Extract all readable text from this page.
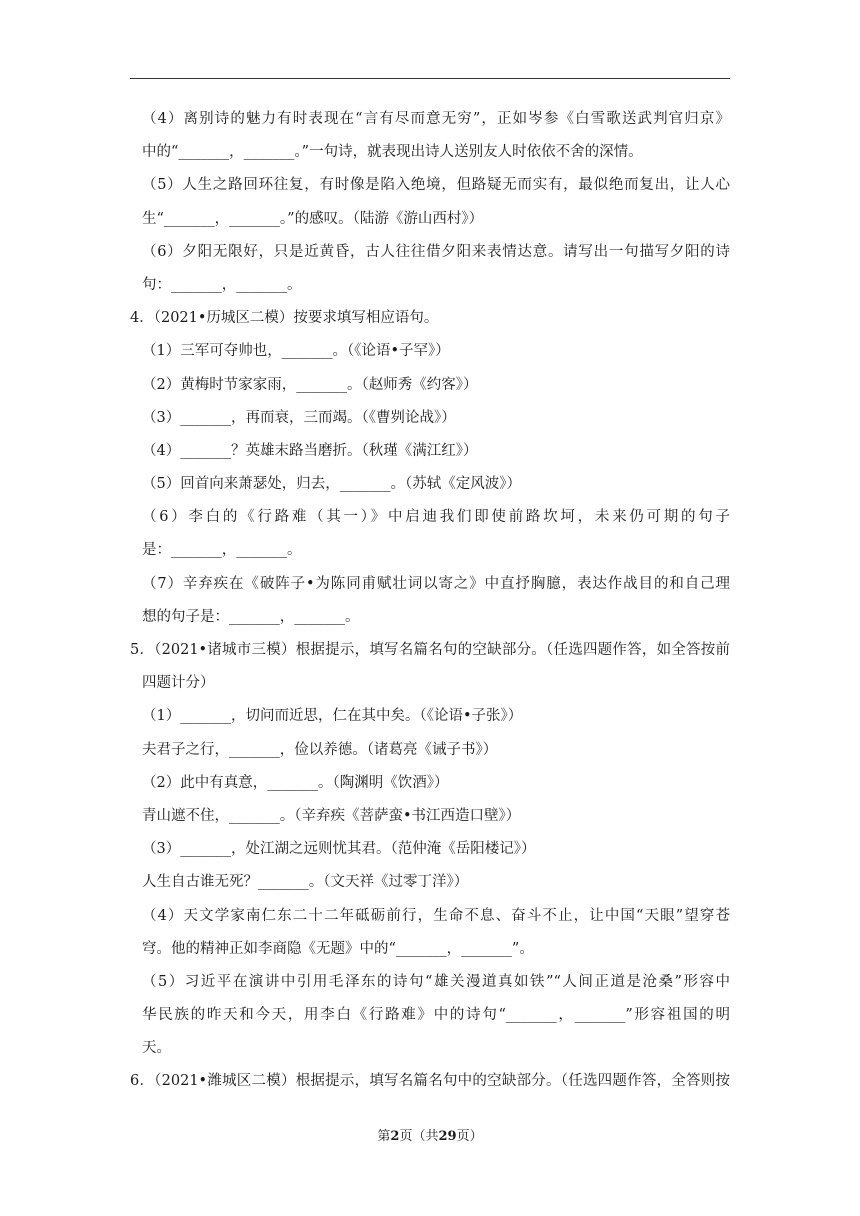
（4）离别诗的魅力有时表现在“言有尽而意无穷”，正如岑参《白雪歌送武判官归京》
中的“_______，_______。”一句诗，就表现出诗人送别友人时依依不舍的深情。
（5）人生之路回环往复，有时像是陷入绝境，但路疑无而实有，最似绝而复出，让人心
生“_______，_______。”的感叹。（陆游《游山西村》）
（6）夕阳无限好，只是近黄昏，古人往往借夕阳来表情达意。请写出一句描写夕阳的诗
句：_______，_______。
4．（2021•历城区二模）按要求填写相应语句。
（1）三军可夺帅也，_______。（《论语•子罕》）
（2）黄梅时节家家雨，_______。（赵师秀《约客》）
（3）_______，再而衰，三而竭。（《曹刿论战》）
（4）_______？英雄末路当磨折。（秋瑾《满江红》）
（5）回首向来萧瑟处，归去，_______。（苏轼《定风波》）
（6）李白的《行路难（其一）》中启迪我们即使前路坎坷，未来仍可期的句子
是：_______，_______。
（7）辛弃疾在《破阵子•为陈同甫赋壮词以寄之》中直抒胸臆，表达作战目的和自己理
想的句子是：_______，_______。
5．（2021•诸城市三模）根据提示，填写名篇名句的空缺部分。（任选四题作答，如全答按前
四题计分）
（1）_______，切问而近思，仁在其中矣。（《论语•子张》）
夫君子之行，_______，俭以养德。（诸葛亮《诫子书》）
（2）此中有真意，_______。（陶渊明《饮酒》）
青山遮不住，_______。（辛弃疾《菩萨蛮•书江西造口壁》）
（3）_______，处江湖之远则忧其君。（范仲淹《岳阳楼记》）
人生自古谁无死？_______。（文天祥《过零丁洋》）
（4）天文学家南仁东二十二年砥砺前行，生命不息、奋斗不止，让中国“天眼”望穿苍
穹。他的精神正如李商隐《无题》中的“_______，_______”。
（5）习近平在演讲中引用毛泽东的诗句“雄关漫道真如铁”“人间正道是沧桑”形容中
华民族的昨天和今天，用李白《行路难》中的诗句“_______，_______”形容祖国的明
天。
6．（2021•潍城区二模）根据提示，填写名篇名句中的空缺部分。（任选四题作答，全答则按
第2页（共29页）
